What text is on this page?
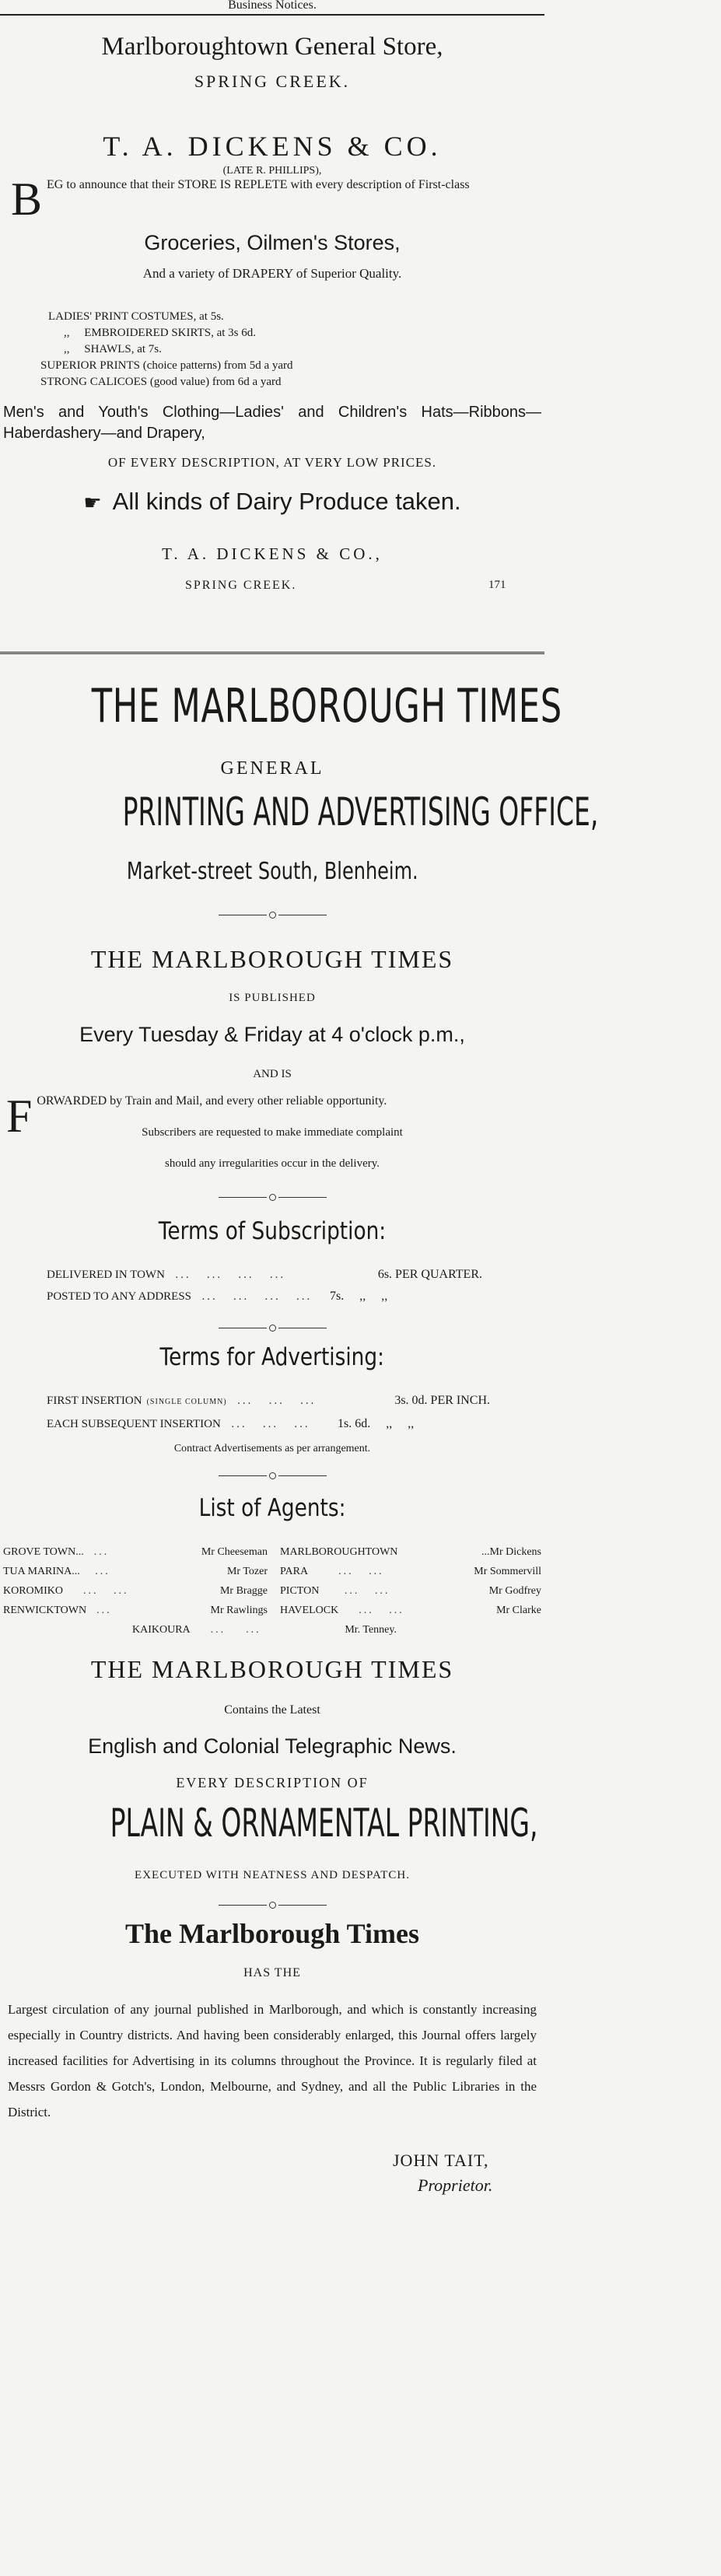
Business Notices.
Marlboroughtown General Store,
SPRING CREEK.
T. A. DICKENS & CO.
(LATE R. PHILLIPS),
B EG to announce that their STORE IS REPLETE with every description of First-class
Groceries, Oilmen's Stores,
And a variety of DRAPERY of Superior Quality.
LADIES' PRINT COSTUMES, at 5s.
,,     EMBROIDERED SKIRTS, at 3s 6d.
,,     SHAWLS, at 7s.
SUPERIOR PRINTS (choice patterns) from 5d a yard
STRONG CALICOES (good value) from 6d a yard
Men's and Youth's Clothing—Ladies' and Children's Hats—Ribbons—Haberdashery—and Drapery,
OF EVERY DESCRIPTION, AT VERY LOW PRICES.
☛ All kinds of Dairy Produce taken.
T. A. DICKENS & CO.,
SPRING CREEK.	171
THE MARLBOROUGH TIMES
GENERAL
PRINTING AND ADVERTISING OFFICE,
Market-street South, Blenheim.
THE MARLBOROUGH TIMES
IS PUBLISHED
Every Tuesday & Friday at 4 o'clock p.m.,
AND IS
F ORWARDED by Train and Mail, and every other reliable opportunity.
Subscribers are requested to make immediate complaint
should any irregularities occur in the delivery.
Terms of Subscription:
DELIVERED IN TOWN ...   ...   ...   ...	6s. PER QUARTER.
POSTED TO ANY ADDRESS ...   ...   ...   ...	7s.     ,,     ,,
Terms for Advertising:
FIRST INSERTION (SINGLE COLUMN) ...   ...   ...	3s. 0d. PER INCH.
EACH SUBSEQUENT INSERTION ...   ...   ...	1s. 6d.     ,,     ,,
Contract Advertisements as per arrangement.
List of Agents:
GROVE TOWN... ...	Mr Cheeseman
TUA MARINA... ...	Mr Tozer
KOROMIKO ...   ...	Mr Bragge
RENWICKTOWN ...	Mr Rawlings
MARLBOROUGHTOWN	...Mr Dickens
PARA ...   ...	Mr Sommervill
PICTON ...   ...	Mr Godfrey
HAVELOCK ...   ...	Mr Clarke
KAIKOURA ...    ...	Mr. Tenney.
THE MARLBOROUGH TIMES
Contains the Latest
English and Colonial Telegraphic News.
EVERY DESCRIPTION OF
PLAIN & ORNAMENTAL PRINTING,
EXECUTED WITH NEATNESS AND DESPATCH.
The Marlborough Times
HAS THE
Largest circulation of any journal published in Marlborough, and which is constantly increasing especially in Country districts. And having been considerably enlarged, this Journal offers largely increased facilities for Advertising in its columns throughout the Province. It is regularly filed at Messrs Gordon & Gotch's, London, Melbourne, and Sydney, and all the Public Libraries in the District.
JOHN TAIT,
Proprietor.
